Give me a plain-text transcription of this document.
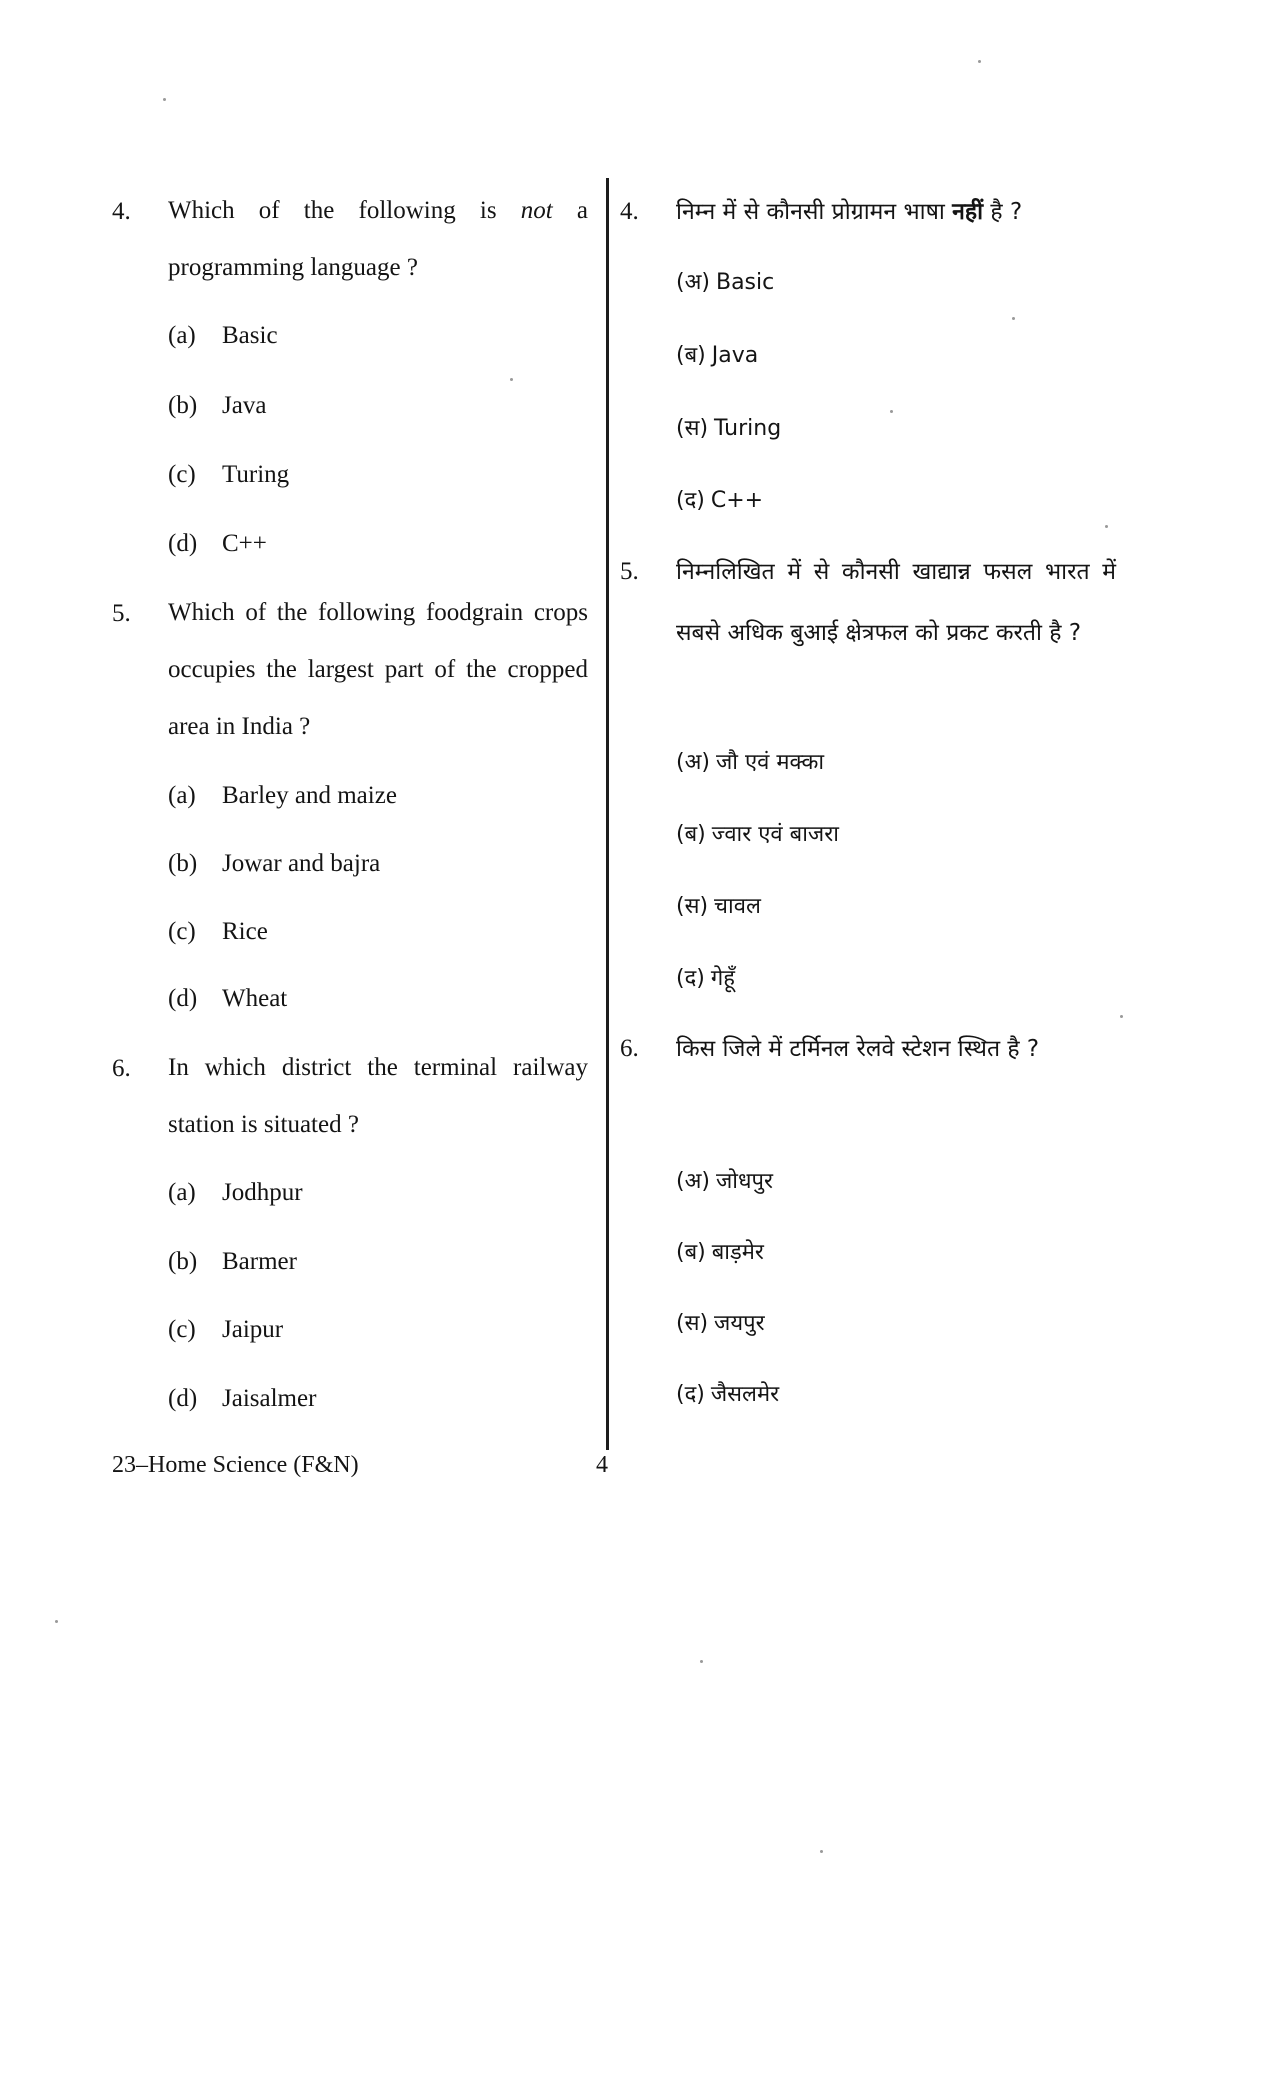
4. Which of the following is not a programming language ?
(a) Basic
(b) Java
(c) Turing
(d) C++
5. Which of the following foodgrain crops occupies the largest part of the cropped area in India ?
(a) Barley and maize
(b) Jowar and bajra
(c) Rice
(d) Wheat
6. In which district the terminal railway station is situated ?
(a) Jodhpur
(b) Barmer
(c) Jaipur
(d) Jaisalmer
4. निम्न में से कौनसी प्रोग्रामन भाषा नहीं है ?
(अ) Basic
(ब) Java
(स) Turing
(द) C++
5. निम्नलिखित में से कौनसी खाद्यान्न फसल भारत में सबसे अधिक बुआई क्षेत्रफल को प्रकट करती है ?
(अ) जौ एवं मक्का
(ब) ज्वार एवं बाजरा
(स) चावल
(द) गेहूँ
6. किस जिले में टर्मिनल रेलवे स्टेशन स्थित है ?
(अ) जोधपुर
(ब) बाड़मेर
(स) जयपुर
(द) जैसलमेर
23–Home Science (F&N)	4
